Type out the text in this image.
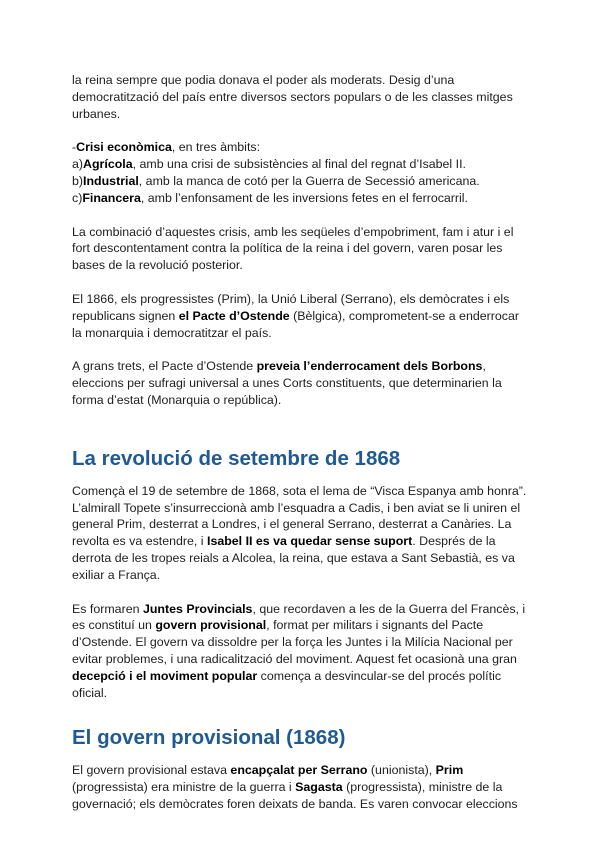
la reina sempre que podia donava el poder als moderats. Desig d’una democratització del país entre diversos sectors populars o de les classes mitges urbanes.

-Crisi econòmica, en tres àmbits:
a)Agrícola, amb una crisi de subsistències al final del regnat d’Isabel II.
b)Industrial, amb la manca de cotó per la Guerra de Secessió americana.
c)Financera, amb l’enfonsament de les inversions fetes en el ferrocarril.

La combinació d’aquestes crisis, amb les seqüeles d’empobriment, fam i atur i el fort descontentament contra la política de la reina i del govern, varen posar les bases de la revolució posterior.

El 1866, els progressistes (Prim), la Unió Liberal (Serrano), els demòcrates i els republicans signen el Pacte d’Ostende (Bèlgica), comprometent-se a enderrocar la monarquia i democratitzar el país.

A grans trets, el Pacte d’Ostende preveia l’enderrocament dels Borbons, eleccions per sufragi universal a unes Corts constituents, que determinarien la forma d’estat (Monarquia o república).

La revolució de setembre de 1868

Començà el 19 de setembre de 1868, sota el lema de “Visca Espanya amb honra”. L’almirall Topete s’insurreccionà amb l’esquadra a Cadis, i ben aviat se li uniren el general Prim, desterrat a Londres, i el general Serrano, desterrat a Canàries. La revolta es va estendre, i Isabel II es va quedar sense suport. Després de la derrota de les tropes reials a Alcolea, la reina, que estava a Sant Sebastià, es va exiliar a França.

Es formaren Juntes Provincials, que recordaven a les de la Guerra del Francès, i es constituí un govern provisional, format per militars i signants del Pacte d’Ostende. El govern va dissoldre per la força les Juntes i la Milícia Nacional per evitar problemes, i una radicalització del moviment. Aquest fet ocasionà una gran decepció i el moviment popular comença a desvincular-se del procés polític oficial.

El govern provisional (1868)

El govern provisional estava encapçalat per Serrano (unionista), Prim (progressista) era ministre de la guerra i Sagasta (progressista), ministre de la governació; els demòcrates foren deixats de banda. Es varen convocar eleccions
